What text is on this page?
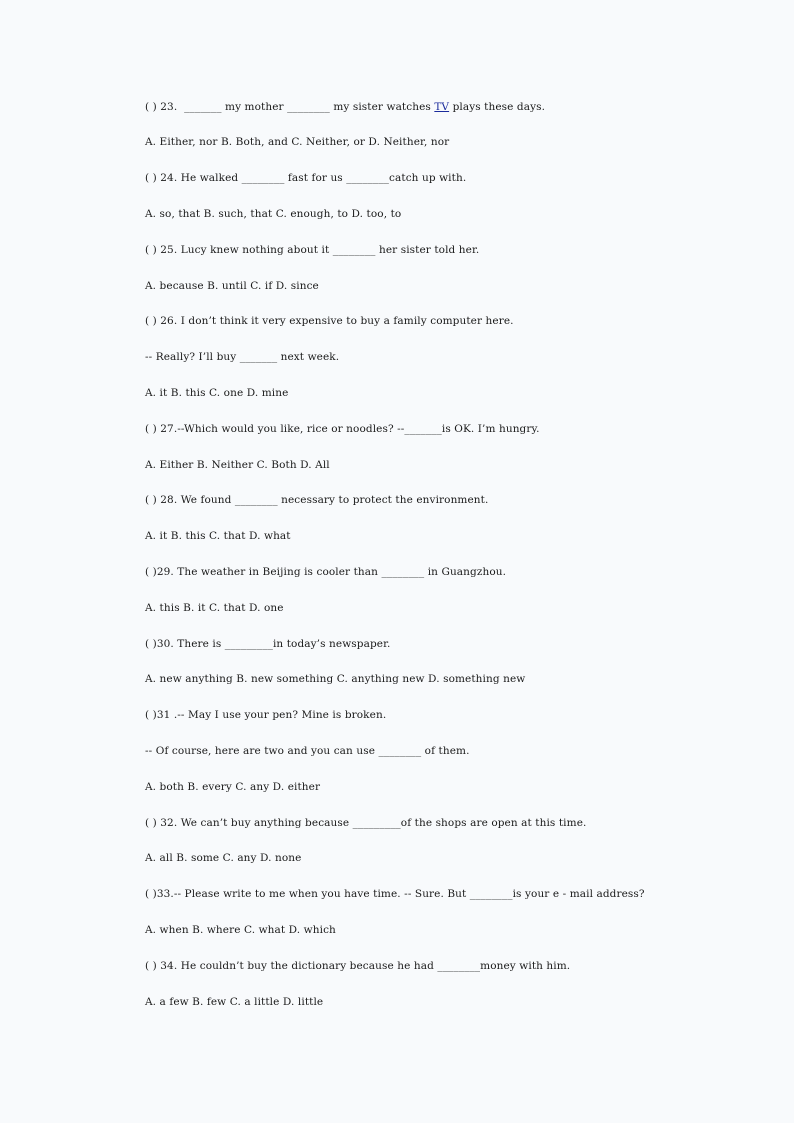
( ) 23.  _______ my mother ________ my sister watches TV plays these days.
A. Either, nor B. Both, and C. Neither, or D. Neither, nor
( ) 24. He walked ________ fast for us ________catch up with.
A. so, that B. such, that C. enough, to D. too, to
( ) 25. Lucy knew nothing about it ________ her sister told her.
A. because B. until C. if D. since
( ) 26. I don’t think it very expensive to buy a family computer here.
-- Really? I’ll buy _______ next week.
A. it B. this C. one D. mine
( ) 27.--Which would you like, rice or noodles? --_______is OK. I’m hungry.
A. Either B. Neither C. Both D. All
( ) 28. We found ________ necessary to protect the environment.
A. it B. this C. that D. what
( )29. The weather in Beijing is cooler than ________ in Guangzhou.
A. this B. it C. that D. one
( )30. There is _________in today’s newspaper.
A. new anything B. new something C. anything new D. something new
( )31 .-- May I use your pen? Mine is broken.
-- Of course, here are two and you can use ________ of them.
A. both B. every C. any D. either
( ) 32. We can’t buy anything because _________of the shops are open at this time.
A. all B. some C. any D. none
( )33.-- Please write to me when you have time. -- Sure. But ________is your e - mail address?
A. when B. where C. what D. which
( ) 34. He couldn’t buy the dictionary because he had ________money with him.
A. a few B. few C. a little D. little
